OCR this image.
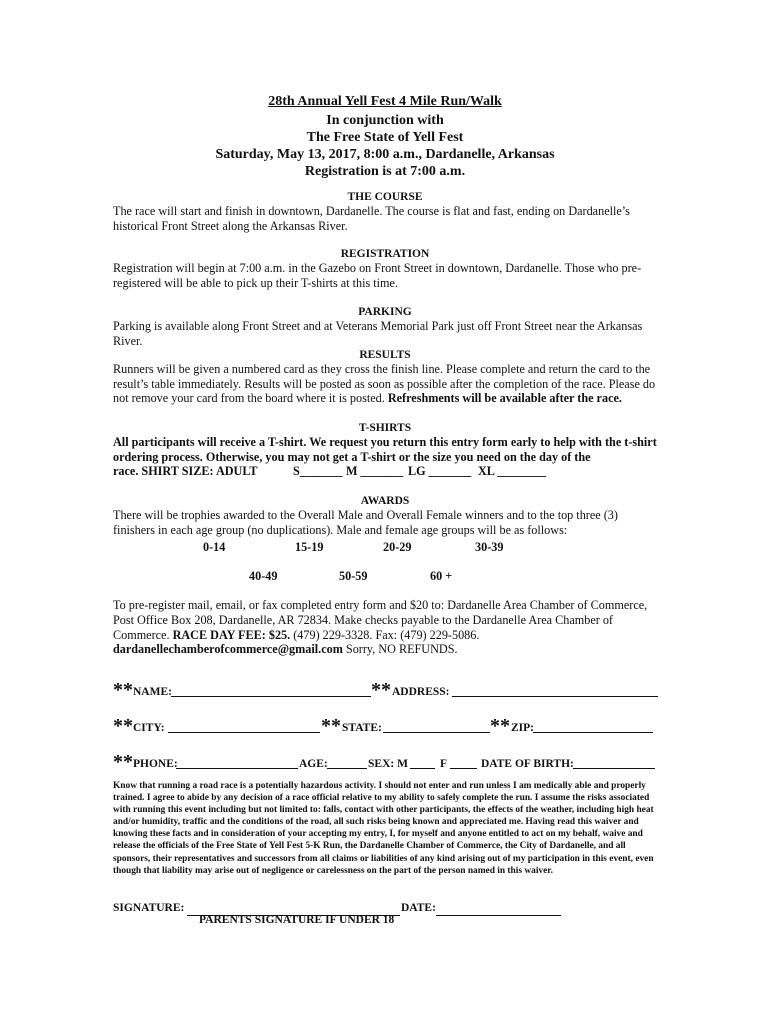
28th Annual Yell Fest 4 Mile Run/Walk
In conjunction with
The Free State of Yell Fest
Saturday, May 13, 2017, 8:00 a.m., Dardanelle, Arkansas
Registration is at 7:00 a.m.
THE COURSE
The race will start and finish in downtown, Dardanelle. The course is flat and fast, ending on Dardanelle’s historical Front Street along the Arkansas River.
REGISTRATION
Registration will begin at 7:00 a.m. in the Gazebo on Front Street in downtown, Dardanelle. Those who pre-registered will be able to pick up their T-shirts at this time.
PARKING
Parking is available along Front Street and at Veterans Memorial Park just off Front Street near the Arkansas River.
RESULTS
Runners will be given a numbered card as they cross the finish line. Please complete and return the card to the result’s table immediately. Results will be posted as soon as possible after the completion of the race. Please do not remove your card from the board where it is posted. Refreshments will be available after the race.
T-SHIRTS
All participants will receive a T-shirt. We request you return this entry form early to help with the t-shirt ordering process. Otherwise, you may not get a T-shirt or the size you need on the day of the
race. SHIRT SIZE: ADULT	S_______ M _______ LG _______ XL ________
AWARDS
There will be trophies awarded to the Overall Male and Overall Female winners and to the top three (3) finishers in each age group (no duplications). Male and female age groups will be as follows:
0-14	15-19	20-29	30-39
40-49	50-59	60 +
To pre-register mail, email, or fax completed entry form and $20 to: Dardanelle Area Chamber of Commerce, Post Office Box 208, Dardanelle, AR 72834. Make checks payable to the Dardanelle Area Chamber of Commerce. RACE DAY FEE: $25. (479) 229-3328. Fax: (479) 229-5086. dardanellechamberofcommerce@gmail.com Sorry, NO REFUNDS.
** NAME:	** ADDRESS:
** CITY:	** STATE:	** ZIP:
** PHONE:	AGE:	SEX: M	F	DATE OF BIRTH:
Know that running a road race is a potentially hazardous activity. I should not enter and run unless I am medically able and properly trained. I agree to abide by any decision of a race official relative to my ability to safely complete the run. I assume the risks associated with running this event including but not limited to: falls, contact with other participants, the effects of the weather, including high heat and/or humidity, traffic and the conditions of the road, all such risks being known and appreciated me. Having read this waiver and knowing these facts and in consideration of your accepting my entry, I, for myself and anyone entitled to act on my behalf, waive and release the officials of the Free State of Yell Fest 5-K Run, the Dardanelle Chamber of Commerce, the City of Dardanelle, and all sponsors, their representatives and successors from all claims or liabilities of any kind arising out of my participation in this event, even though that liability may arise out of negligence or carelessness on the part of the person named in this waiver.
SIGNATURE:	DATE:
PARENTS SIGNATURE IF UNDER 18
